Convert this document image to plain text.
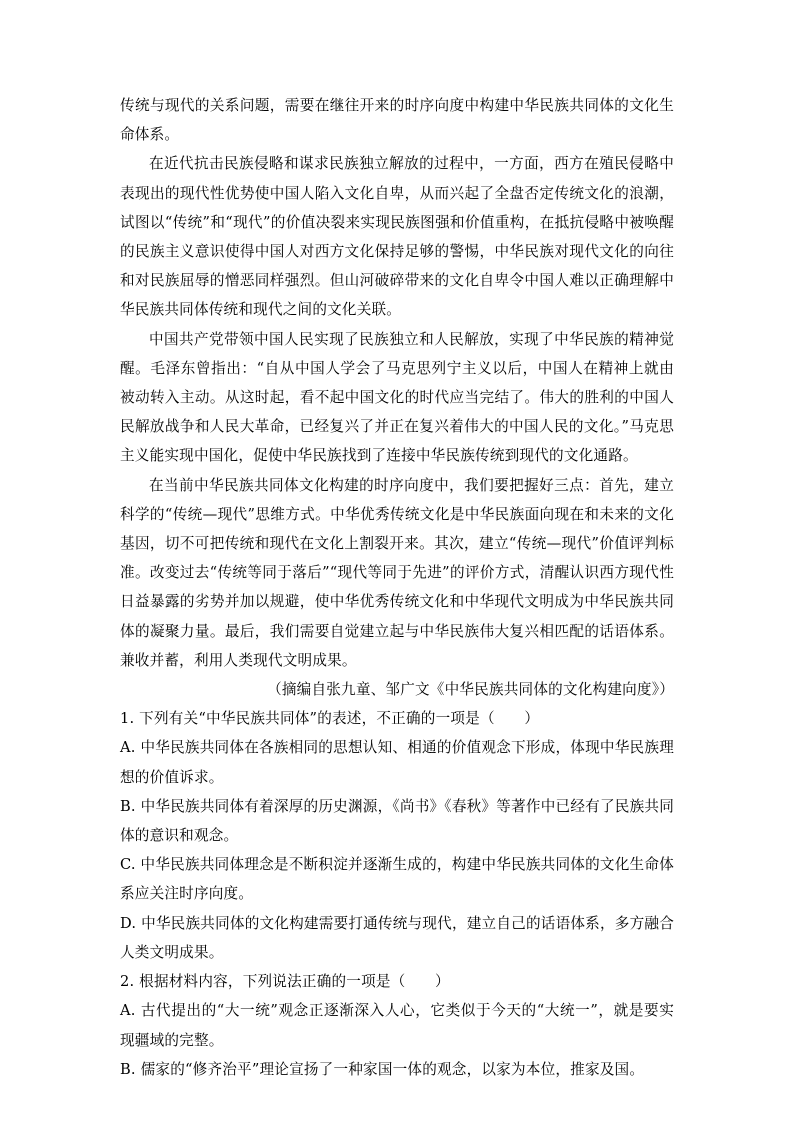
传统与现代的关系问题，需要在继往开来的时序向度中构建中华民族共同体的文化生命体系。

在近代抗击民族侵略和谋求民族独立解放的过程中，一方面，西方在殖民侵略中表现出的现代性优势使中国人陷入文化自卑，从而兴起了全盘否定传统文化的浪潮，试图以“传统”和“现代”的价值决裂来实现民族图强和价值重构，在抵抗侵略中被唤醒的民族主义意识使得中国人对西方文化保持足够的警惕，中华民族对现代文化的向往和对民族屈辱的憎恶同样强烈。但山河破碎带来的文化自卑令中国人难以正确理解中华民族共同体传统和现代之间的文化关联。

中国共产党带领中国人民实现了民族独立和人民解放，实现了中华民族的精神觉醒。毛泽东曾指出：“自从中国人学会了马克思列宁主义以后，中国人在精神上就由被动转入主动。从这时起，看不起中国文化的时代应当完结了。伟大的胜利的中国人民解放战争和人民大革命，已经复兴了并正在复兴着伟大的中国人民的文化。”马克思主义能实现中国化，促使中华民族找到了连接中华民族传统到现代的文化通路。

在当前中华民族共同体文化构建的时序向度中，我们要把握好三点：首先，建立科学的“传统—现代”思维方式。中华优秀传统文化是中华民族面向现在和未来的文化基因，切不可把传统和现代在文化上割裂开来。其次，建立“传统—现代”价值评判标准。改变过去“传统等同于落后”“现代等同于先进”的评价方式，清醒认识西方现代性日益暴露的劣势并加以规避，使中华优秀传统文化和中华现代文明成为中华民族共同体的凝聚力量。最后，我们需要自觉建立起与中华民族伟大复兴相匹配的话语体系。兼收并蓄，利用人类现代文明成果。

（摘编自张九童、邹广文《中华民族共同体的文化构建向度》）

1. 下列有关“中华民族共同体”的表述，不正确的一项是（　　）

A. 中华民族共同体在各族相同的思想认知、相通的价值观念下形成，体现中华民族理想的价值诉求。

B. 中华民族共同体有着深厚的历史渊源，《尚书》《春秋》等著作中已经有了民族共同体的意识和观念。

C. 中华民族共同体理念是不断积淀并逐渐生成的，构建中华民族共同体的文化生命体系应关注时序向度。

D. 中华民族共同体的文化构建需要打通传统与现代，建立自己的话语体系，多方融合人类文明成果。

2. 根据材料内容，下列说法正确的一项是（　　）

A. 古代提出的“大一统”观念正逐渐深入人心，它类似于今天的“大统一”，就是要实现疆域的完整。

B. 儒家的“修齐治平”理论宣扬了一种家国一体的观念，以家为本位，推家及国。
